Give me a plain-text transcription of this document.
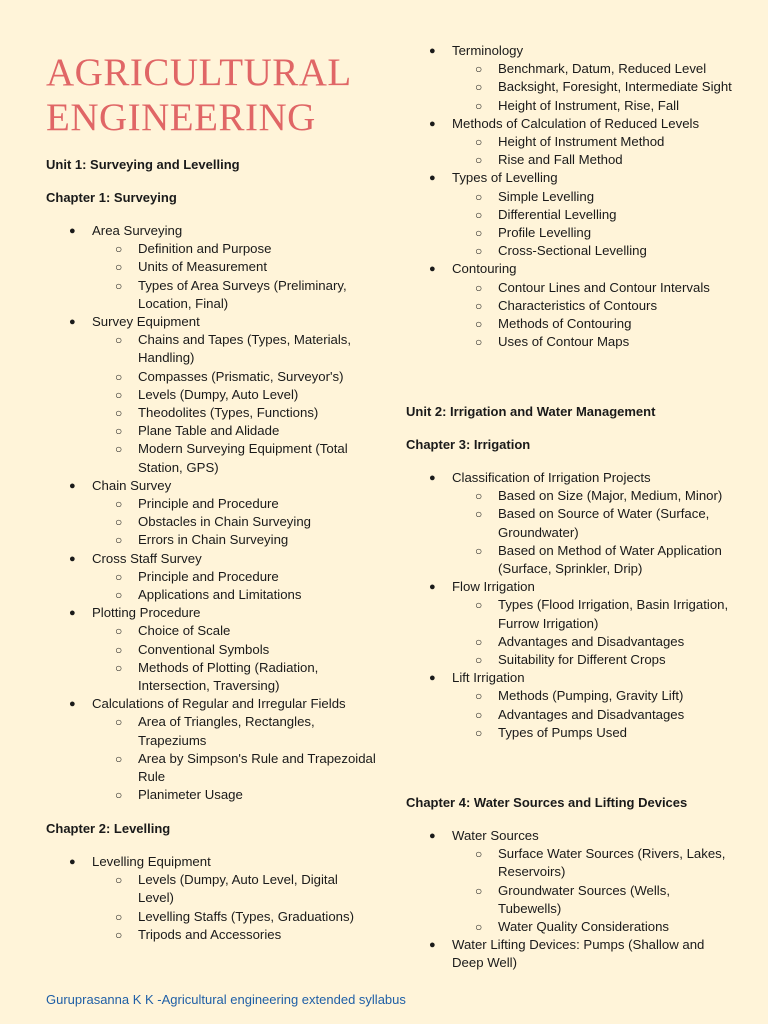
AGRICULTURAL
ENGINEERING
Unit 1: Surveying and Levelling
Chapter 1: Surveying
● Area Surveying
○ Definition and Purpose
○ Units of Measurement
○ Types of Area Surveys (Preliminary, Location, Final)
● Survey Equipment
○ Chains and Tapes (Types, Materials, Handling)
○ Compasses (Prismatic, Surveyor's)
○ Levels (Dumpy, Auto Level)
○ Theodolites (Types, Functions)
○ Plane Table and Alidade
○ Modern Surveying Equipment (Total Station, GPS)
● Chain Survey
○ Principle and Procedure
○ Obstacles in Chain Surveying
○ Errors in Chain Surveying
● Cross Staff Survey
○ Principle and Procedure
○ Applications and Limitations
● Plotting Procedure
○ Choice of Scale
○ Conventional Symbols
○ Methods of Plotting (Radiation, Intersection, Traversing)
● Calculations of Regular and Irregular Fields
○ Area of Triangles, Rectangles, Trapeziums
○ Area by Simpson's Rule and Trapezoidal Rule
○ Planimeter Usage
Chapter 2: Levelling
● Levelling Equipment
○ Levels (Dumpy, Auto Level, Digital Level)
○ Levelling Staffs (Types, Graduations)
○ Tripods and Accessories
● Terminology
○ Benchmark, Datum, Reduced Level
○ Backsight, Foresight, Intermediate Sight
○ Height of Instrument, Rise, Fall
● Methods of Calculation of Reduced Levels
○ Height of Instrument Method
○ Rise and Fall Method
● Types of Levelling
○ Simple Levelling
○ Differential Levelling
○ Profile Levelling
○ Cross-Sectional Levelling
● Contouring
○ Contour Lines and Contour Intervals
○ Characteristics of Contours
○ Methods of Contouring
○ Uses of Contour Maps
Unit 2: Irrigation and Water Management
Chapter 3: Irrigation
● Classification of Irrigation Projects
○ Based on Size (Major, Medium, Minor)
○ Based on Source of Water (Surface, Groundwater)
○ Based on Method of Water Application (Surface, Sprinkler, Drip)
● Flow Irrigation
○ Types (Flood Irrigation, Basin Irrigation, Furrow Irrigation)
○ Advantages and Disadvantages
○ Suitability for Different Crops
● Lift Irrigation
○ Methods (Pumping, Gravity Lift)
○ Advantages and Disadvantages
○ Types of Pumps Used
Chapter 4: Water Sources and Lifting Devices
● Water Sources
○ Surface Water Sources (Rivers, Lakes, Reservoirs)
○ Groundwater Sources (Wells, Tubewells)
○ Water Quality Considerations
● Water Lifting Devices: Pumps (Shallow and Deep Well)
Guruprasanna K K -Agricultural engineering extended syllabus
